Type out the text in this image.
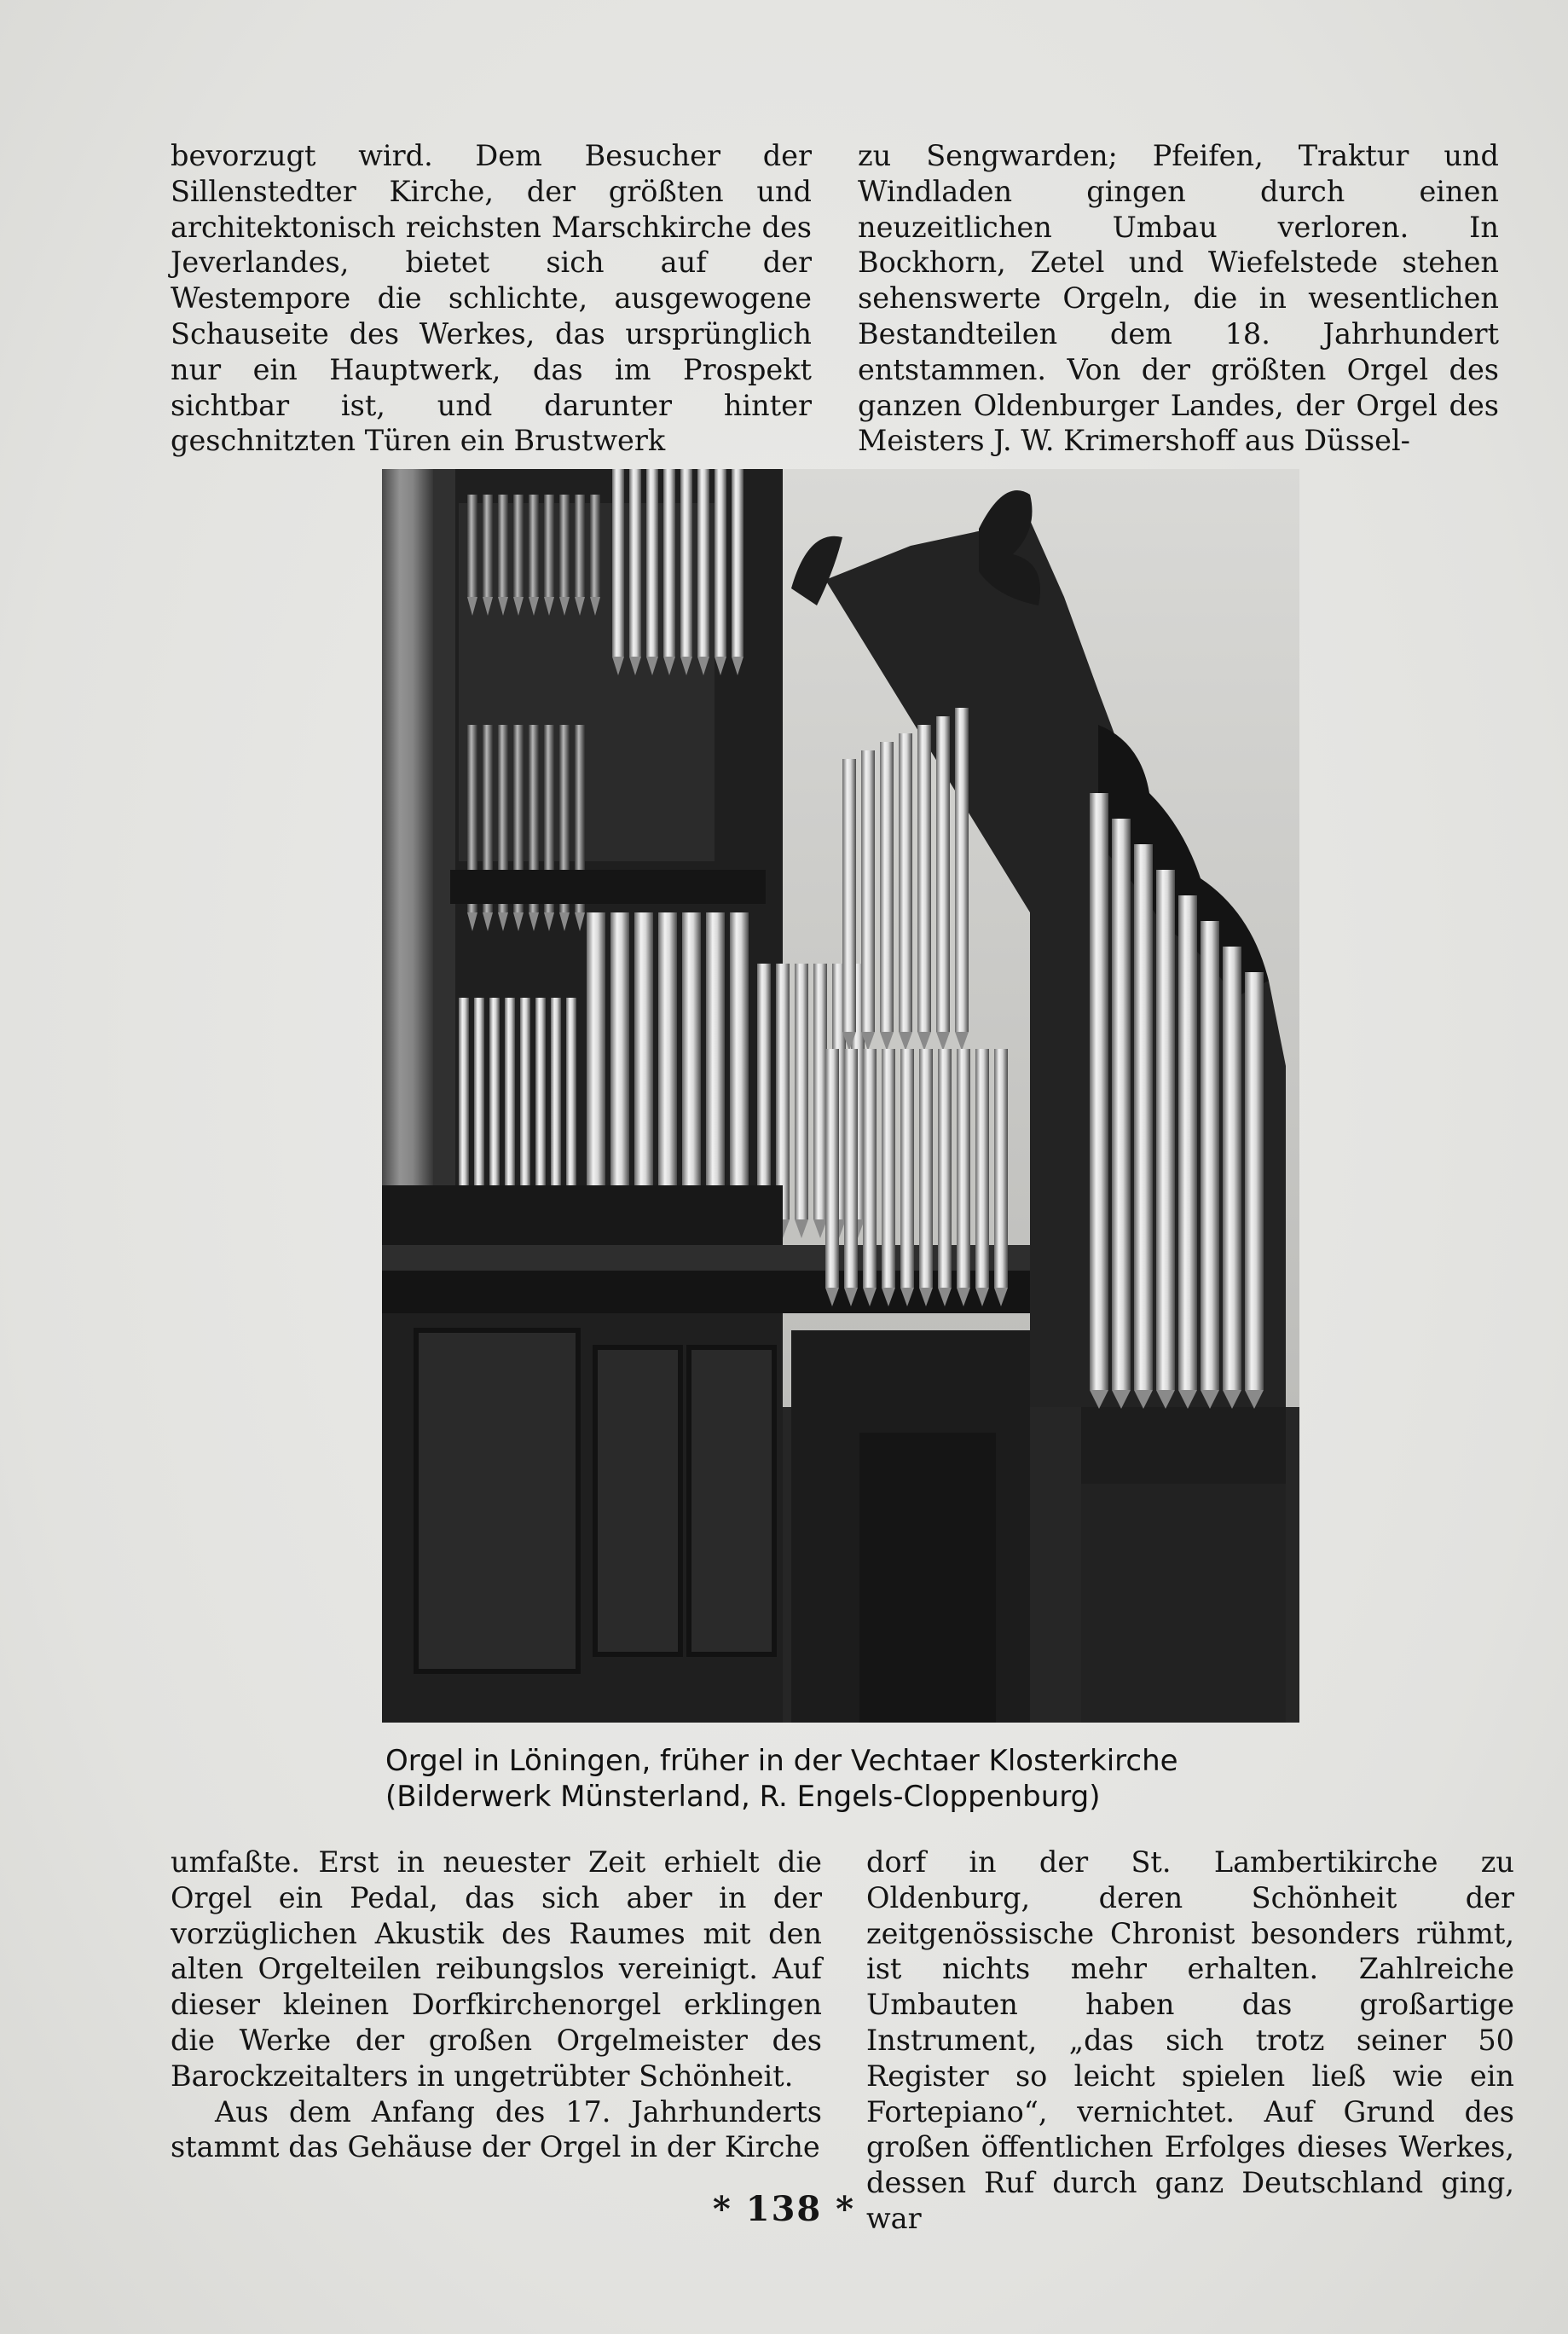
bevorzugt wird. Dem Besucher der Sillenstedter Kirche, der größten und architektonisch reichsten Marschkirche des Jeverlandes, bietet sich auf der Westempore die schlichte, ausgewogene Schauseite des Werkes, das ursprünglich nur ein Hauptwerk, das im Prospekt sichtbar ist, und darunter hinter geschnitzten Türen ein Brustwerk

zu Sengwarden; Pfeifen, Traktur und Windladen gingen durch einen neuzeitlichen Umbau verloren. In Bockhorn, Zetel und Wiefelstede stehen sehenswerte Orgeln, die in wesentlichen Bestandteilen dem 18. Jahrhundert entstammen. Von der größten Orgel des ganzen Oldenburger Landes, der Orgel des Meisters J. W. Krimershoff aus Düssel-

Orgel in Löningen, früher in der Vechtaer Klosterkirche (Bilderwerk Münsterland, R. Engels-Cloppenburg)

umfaßte. Erst in neuester Zeit erhielt die Orgel ein Pedal, das sich aber in der vorzüglichen Akustik des Raumes mit den alten Orgelteilen reibungslos vereinigt. Auf dieser kleinen Dorfkirchenorgel erklingen die Werke der großen Orgelmeister des Barockzeitalters in ungetrübter Schönheit.

Aus dem Anfang des 17. Jahrhunderts stammt das Gehäuse der Orgel in der Kirche

dorf in der St. Lambertikirche zu Oldenburg, deren Schönheit der zeitgenössische Chronist besonders rühmt, ist nichts mehr erhalten. Zahlreiche Umbauten haben das großartige Instrument, „das sich trotz seiner 50 Register so leicht spielen ließ wie ein Fortepiano“, vernichtet. Auf Grund des großen öffentlichen Erfolges dieses Werkes, dessen Ruf durch ganz Deutschland ging, war

* 138 *
